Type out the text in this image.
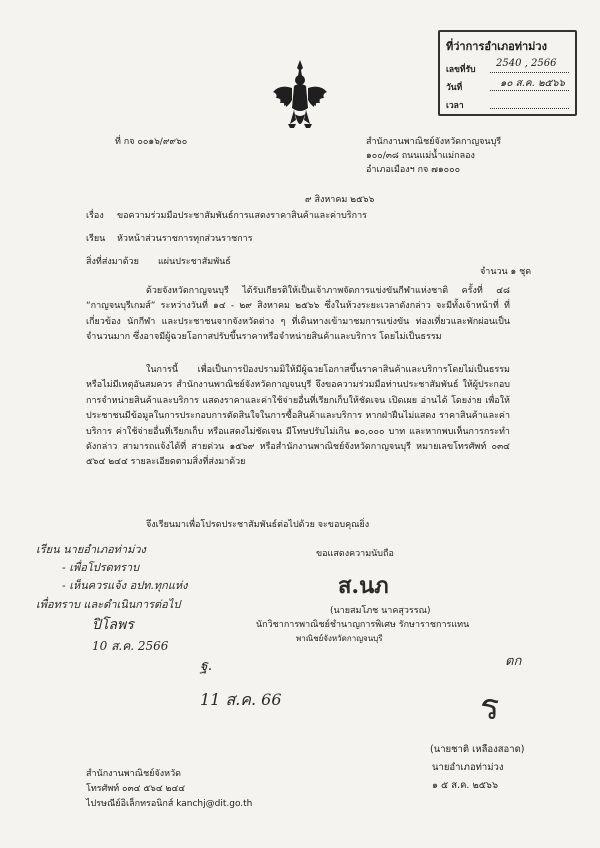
ที่ว่าการอำเภอท่าม่วง
เลขที่รับ
2540 , 2566
วันที่	๑๐ ส.ค. ๒๕๖๖
เวลา
ที่ กจ ๐๐๑๖/๙๙๖๐	สำนักงานพาณิชย์จังหวัดกาญจนบุรี
๑๐๐/๓๘ ถนนแม่น้ำแม่กลอง
อำเภอเมืองฯ กจ ๗๑๐๐๐
๙ สิงหาคม ๒๕๖๖
เรื่อง ขอความร่วมมือประชาสัมพันธ์การแสดงราคาสินค้าและค่าบริการ
เรียน หัวหน้าส่วนราชการทุกส่วนราชการ
สิ่งที่ส่งมาด้วย แผ่นประชาสัมพันธ์
จำนวน ๑ ชุด
ด้วยจังหวัดกาญจนบุรี ได้รับเกียรติให้เป็นเจ้าภาพจัดการแข่งขันกีฬาแห่งชาติ ครั้งที่ ๔๘ “กาญจนบุรีเกมส์” ระหว่างวันที่ ๑๔ - ๒๙ สิงหาคม ๒๕๖๖ ซึ่งในห้วงระยะเวลาดังกล่าว จะมีทั้งเจ้าหน้าที่ ที่เกี่ยวข้อง นักกีฬา และประชาชนจากจังหวัดต่าง ๆ ที่เดินทางเข้ามาชมการแข่งขัน ท่องเที่ยวและพักผ่อนเป็น จำนวนมาก ซึ่งอาจมีผู้ฉวยโอกาสปรับขึ้นราคาหรือจำหน่ายสินค้าและบริการ โดยไม่เป็นธรรม
ในการนี้ เพื่อเป็นการป้องปรามมิให้มีผู้ฉวยโอกาสขึ้นราคาสินค้าและบริการโดยไม่เป็นธรรม หรือไม่มีเหตุอันสมควร สำนักงานพาณิชย์จังหวัดกาญจนบุรี จึงขอความร่วมมือท่านประชาสัมพันธ์ ให้ผู้ประกอบการจำหน่ายสินค้าและบริการ แสดงราคาและค่าใช้จ่ายอื่นที่เรียกเก็บให้ชัดเจน เปิดเผย อ่านได้ โดยง่าย เพื่อให้ประชาชนมีข้อมูลในการประกอบการตัดสินใจในการซื้อสินค้าและบริการ หากฝ่าฝืนไม่แสดง ราคาสินค้าและค่าบริการ ค่าใช้จ่ายอื่นที่เรียกเก็บ หรือแสดงไม่ชัดเจน มีโทษปรับไม่เกิน ๑๐,๐๐๐ บาท และหากพบเห็นการกระทำดังกล่าว สามารถแจ้งได้ที่ สายด่วน ๑๕๖๙ หรือสำนักงานพาณิชย์จังหวัดกาญจนบุรี หมายเลขโทรศัพท์ ๐๓๔ ๕๖๔ ๒๔๔ รายละเอียดตามสิ่งที่ส่งมาด้วย
จึงเรียนมาเพื่อโปรดประชาสัมพันธ์ต่อไปด้วย จะขอบคุณยิ่ง
ขอแสดงความนับถือ
ส.นภ
(นายสมโภช นาคสุวรรณ)
นักวิชาการพาณิชย์ชำนาญการพิเศษ รักษาราชการแทน
พาณิชย์จังหวัดกาญจนบุรี
เรียน นายอำเภอท่าม่วง
- เพื่อโปรดทราบ
- เห็นควรแจ้ง อปท.ทุกแห่ง
เพื่อทราบ และดำเนินการต่อไป
ปิโลพร
10 ส.ค. 2566
ฐ.
11 ส.ค. 66
ตก
ร
(นายชาติ เหลืองสอาด)
นายอำเภอท่าม่วง
๑ ๕ ส.ค. ๒๕๖๖
สำนักงานพาณิชย์จังหวัด
โทรศัพท์ ๐๓๔ ๕๖๔ ๒๔๔
ไปรษณีย์อิเล็กทรอนิกส์ kanchj@dit.go.th
